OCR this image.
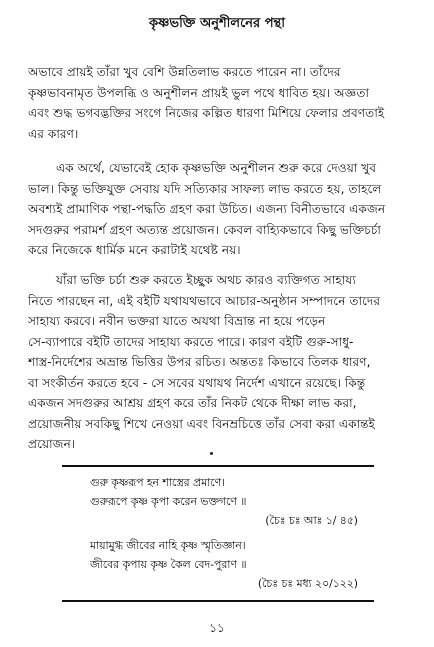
কৃষ্ণভক্তি অনুশীলনের পন্থা

অভাবে প্রায়ই তাঁরা খুব বেশি উন্নতিলাভ করতে পারেন না। তাঁদের
কৃষ্ণভাবনামৃত উপলব্ধি ও অনুশীলন প্রায়ই ভুল পথে ধাবিত হয়। অজ্ঞতা
এবং শুদ্ধ ভগবদ্ভক্তির সংগে নিজের কল্পিত ধারণা মিশিয়ে ফেলার প্রবণতাই
এর কারণ।

এক অর্থে, যেভাবেই হোক কৃষ্ণভক্তি অনুশীলন শুরু করে দেওয়া খুব
ভাল। কিন্তু ভক্তিযুক্ত সেবায় যদি সত্যিকার সাফল্য লাভ করতে হয়, তাহলে
অবশ্যই প্রামাণিক পন্থা-পদ্ধতি গ্রহণ করা উচিত। এজন্য বিনীতভাবে একজন
সদগুরুর পরামর্শ গ্রহণ অত্যন্ত প্রয়োজন। কেবল বাহ্যিকভাবে কিছু ভক্তিচর্চা
করে নিজেকে ধার্মিক মনে করাটাই যথেষ্ট নয়।

যাঁরা ভক্তি চর্চা শুরু করতে ইচ্ছুক অথচ কারও ব্যক্তিগত সাহায্য
নিতে পারছেন না, এই বইটি যথাযথভাবে আচার-অনুষ্ঠান সম্পাদনে তাদের
সাহায্য করবে। নবীন ভক্তরা যাতে অযথা বিভ্রান্ত না হয়ে পড়েন
সে-ব্যাপারে বইটি তাদের সাহায্য করতে পারে। কারণ বইটি গুরু-সাধু-
শাস্ত্র-নির্দেশের অভ্রান্ত ভিত্তির উপর রচিত। অন্ততঃ কিভাবে তিলক ধারণ,
বা সংকীর্তন করতে হবে - সে সবের যথাযথ নির্দেশ এখানে রয়েছে। কিন্তু
একজন সদগুরুর আশ্রয় গ্রহণ করে তাঁর নিকট থেকে দীক্ষা লাভ করা,
প্রয়োজনীয় সবকিছু শিখে নেওয়া এবং বিনম্রচিত্তে তাঁর সেবা করা একান্তই
প্রয়োজন।

গুরু কৃষ্ণরূপ হন শাস্ত্রের প্রমাণে।
গুরুরূপে কৃষ্ণ কৃপা করেন ভক্তগণে ॥
(চৈঃ চঃ আঃ ১/ ৪৫)
মায়ামুগ্ধ জীবের নাহি কৃষ্ণ স্মৃতিজ্ঞান।
জীবের কৃপায় কৃষ্ণ কৈল বেদ-পুরাণ ॥
(চৈঃ চঃ মধ্য ২০/১২২)
১১
